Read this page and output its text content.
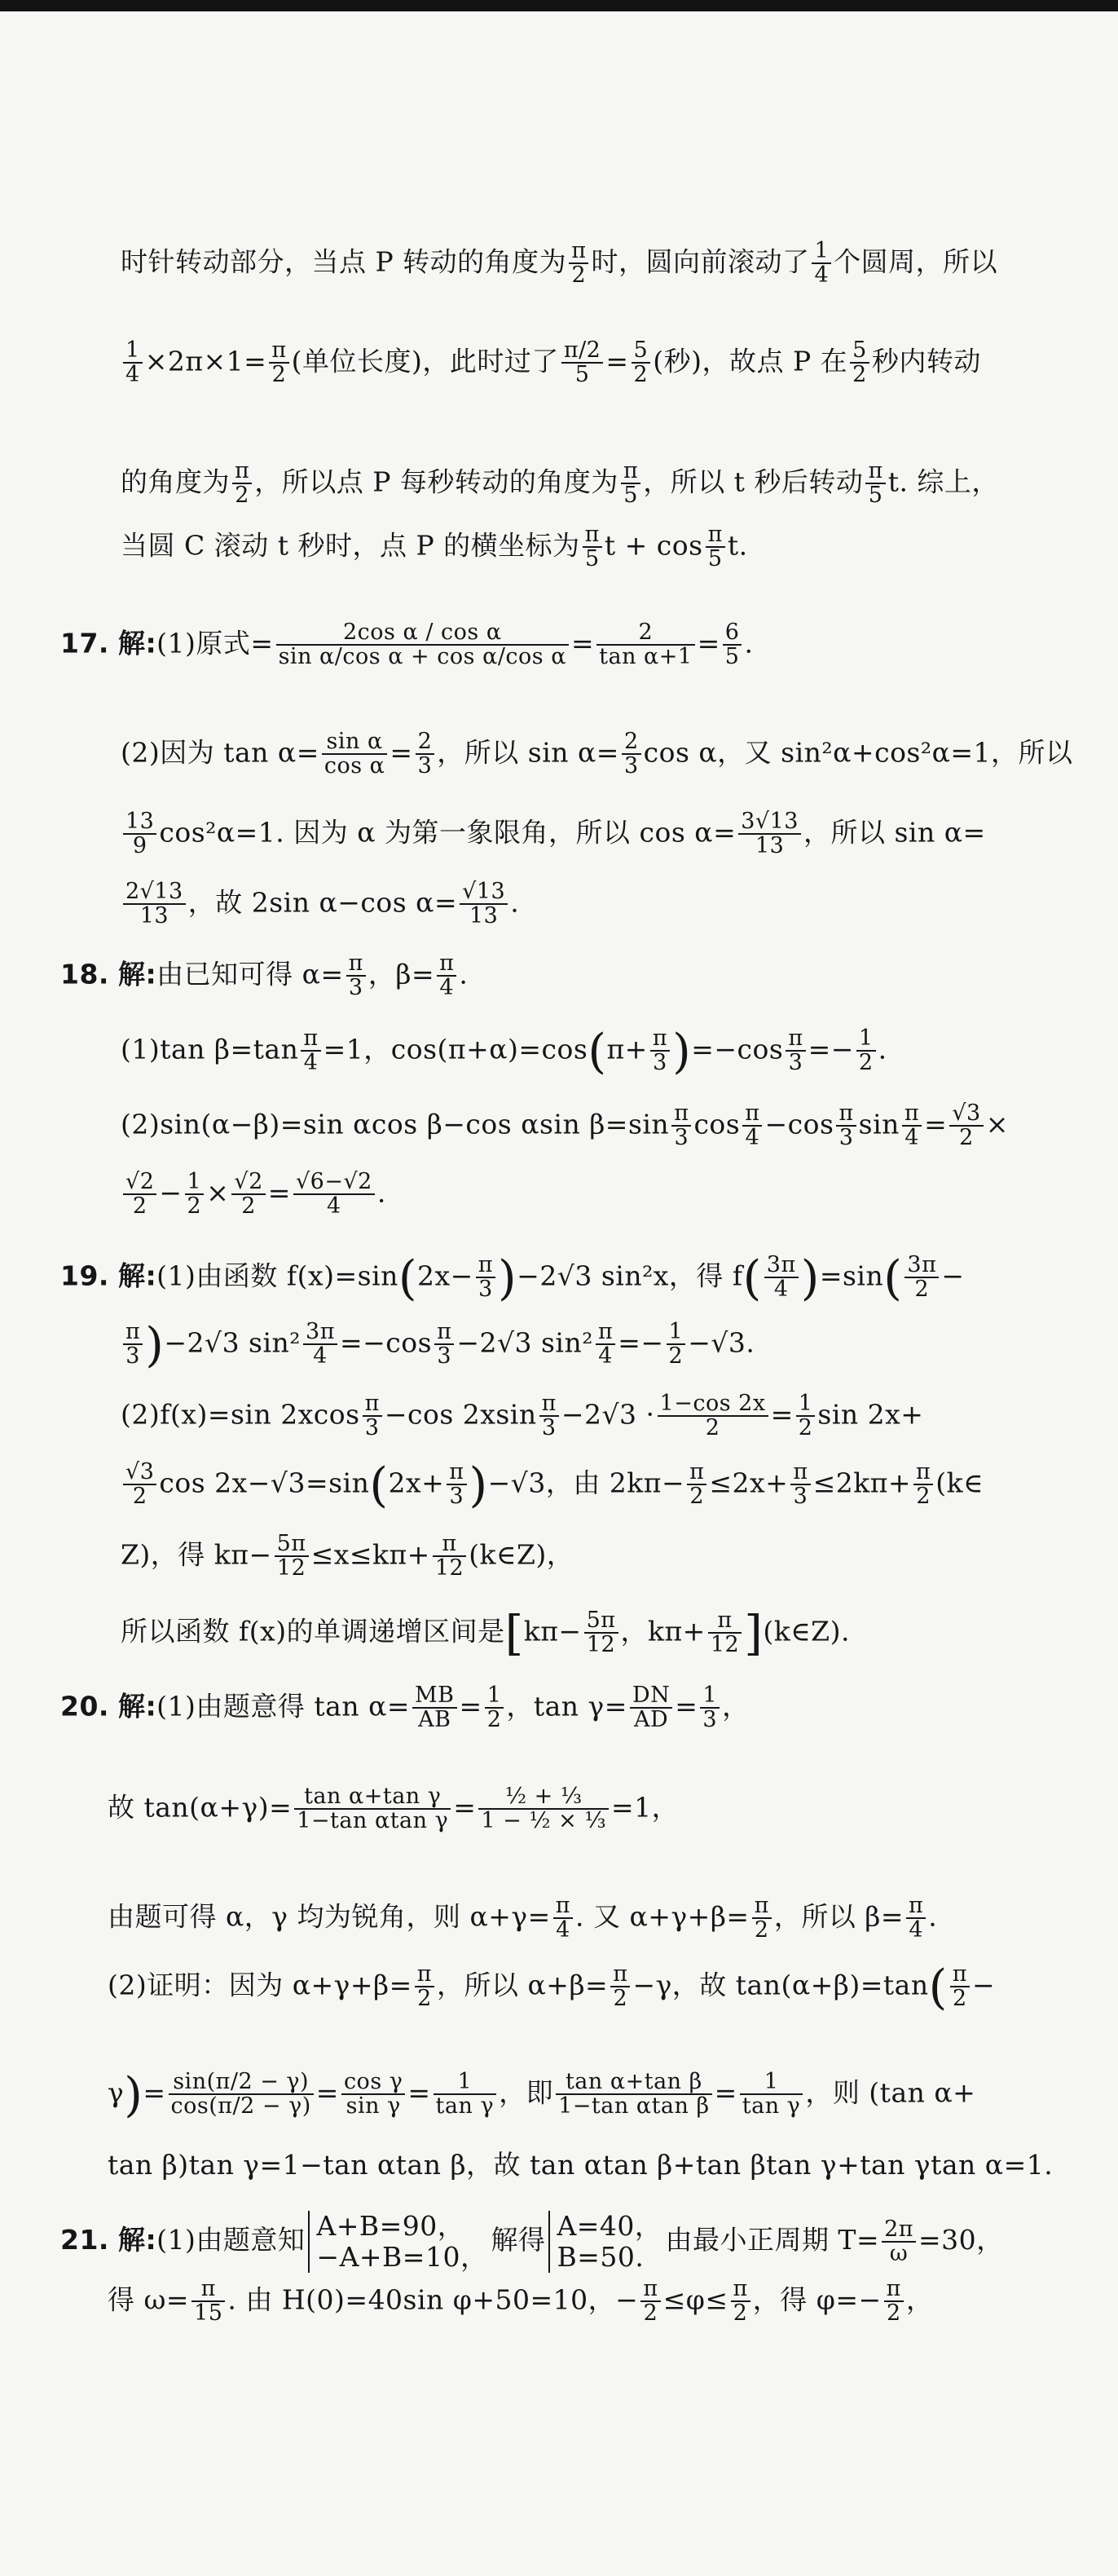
时针转动部分，当点 P 转动的角度为 $\frac{\pi}{2}$ 时，圆向前滚动了 $\frac{1}{4}$ 个圆周，所以
$\frac{1}{4} \times 2\pi\times 1= \frac{\pi}{2}$ (单位长度)，此时过了 $\frac{\pi/2}{5} = \frac{5}{2}$ (秒)，故点 P 在 $\frac{5}{2}$ 秒内转动
的角度为 $\frac{\pi}{2}$ ，所以点 P 每秒转动的角度为 $\frac{\pi}{5}$ ，所以 t 秒后转动 $\frac{\pi}{5} t$. 综上，
当圆 C 滚动 t 秒时，点 P 的横坐标为 $\frac{\pi}{5}$ $t + \cos \frac{\pi}{5} t$.
17. 解:(1)原式= $\frac{\text{2cos α / cos α}}{\text{sin α/cos α + cos α/cos α}} = \frac{2}{\text{tan α+1}} = \frac{6}{5}$ .
(2)因为 $\tan \alpha= \frac{\text{sin α}}{\text{cos α}} = \frac{2}{3}$ ，所以 $\sin \alpha= \frac{2}{3}$ cos α，又 sin²α+cos²α=1，所以
$\frac{13}{9} \cos^2\alpha=1$. 因为 α 为第一象限角，所以 $\cos \alpha= \frac{3√13}{13}$ ，所以 sin α=
$\frac{2√13}{13}$ ，故 2sin α−cos $\alpha= \frac{√13}{13}$ .
18. 解:由已知可得 $\alpha= \frac{\pi}{3}$ ，$\beta= \frac{\pi}{4}$ .
(1)tan $\beta=\tan \frac{\pi}{4} =1$，$\cos(\pi+\alpha)=\cos(\pi+ \frac{\pi}{3} )=-\cos \frac{\pi}{3} =- \frac{1}{2}$ .
(2)sin(α−β)=sin αcos β−cos αsin $\beta=\sin \frac{\pi}{3}$ $\cos \frac{\pi}{4} -\cos \frac{\pi}{3}$ $\sin \frac{\pi}{4} = \frac{√3}{2}$ ×
$\frac{√2}{2} - \frac{1}{2} \times \frac{√2}{2} = \frac{√6-√2}{4}$ .
19. 解:(1)由函数 $f(x)=\sin(2x- \frac{\pi}{3} )-2√3$ sin²x，得 $f( \frac{3\pi}{4} )=\sin( \frac{3\pi}{2}$ −
$\frac{\pi}{3} )-2√3$ $\sin^2 \frac{3\pi}{4} =-\cos \frac{\pi}{3} -2√3$ $\sin^2 \frac{\pi}{4} =- \frac{1}{2} -√3$.
(2)f(x)=sin $2xcos \frac{\pi}{3} -\cos$ $2xsin \frac{\pi}{3} -2√3 \cdot \frac{1-\cos 2x}{2} = \frac{1}{2}$ sin 2x+
$\frac{√3}{2}$ $\cos 2x-√3=\sin(2x+ \frac{\pi}{3} )-√3$，由 $2k\pi- \frac{\pi}{2} \le 2x+ \frac{\pi}{3} \le 2k\pi+ \frac{\pi}{2}$ (k∈
Z)，得 $k\pi- \frac{5\pi}{12} \le x\le k\pi+ \frac{\pi}{12}$ (k∈Z)，
所以函数 f(x)的单调递增区间是[$k\pi- \frac{5\pi}{12}$ ，$k\pi+ \frac{\pi}{12}$ ](k∈Z).
20. 解:(1)由题意得 $\tan \alpha= \frac{MB}{AB} = \frac{1}{2}$ ，$\tan \gamma= \frac{DN}{AD} = \frac{1}{3}$ ，
故 $\tan(\alpha+\gamma)= \frac{\text{tan α+tan γ}}{\text{1−tan αtan γ}} = \frac{\text{½ + ⅓}}{\text{1 − ½ × ⅓}} =1$，
由题可得 α，γ 均为锐角，则 $\alpha+\gamma= \frac{\pi}{4}$ . 又 $\alpha+\gamma+\beta= \frac{\pi}{2}$ ，所以 $\beta= \frac{\pi}{4}$ .
(2)证明：因为 $\alpha+\gamma+\beta= \frac{\pi}{2}$ ，所以 $\alpha+\beta= \frac{\pi}{2} -\gamma$，故 $\tan(\alpha+\beta)=\tan( \frac{\pi}{2}$ −
$\gamma)= \frac{\sin(\pi/2 - \gamma)}{\cos(\pi/2 - \gamma)} = \frac{\text{cos γ}}{\text{sin γ}} = \frac{1}{\text{tan γ}}$ ，即 $\frac{\text{tan α+tan β}}{\text{1−tan αtan β}} = \frac{1}{\text{tan γ}}$ ，则 (tan α+
tan β)tan γ=1−tan αtan β，故 tan αtan β+tan βtan γ+tan γtan α=1.
21. 解:(1)由题意知 A+B=90，
−A+B=10，
解得 A=40，
B=50.
由最小正周期 $T= \frac{2\pi}{\omega} =30$，
得 $\omega= \frac{\pi}{15}$ . 由 H(0)=40sin φ+50=10，− $\frac{\pi}{2} \le\varphi\le \frac{\pi}{2}$ ，得 $\varphi=- \frac{\pi}{2}$ ，
